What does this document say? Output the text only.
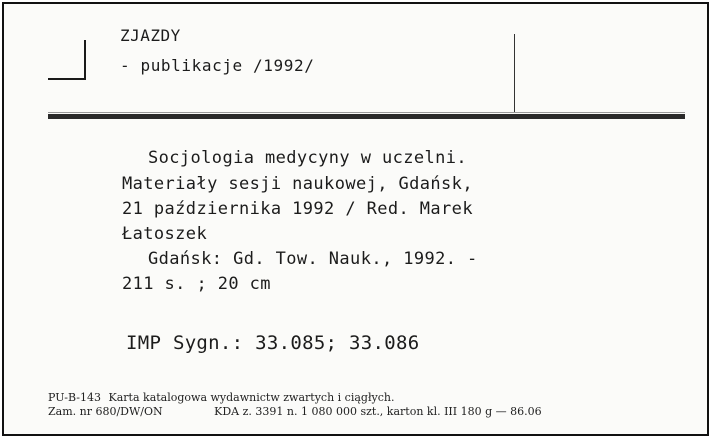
ZJAZDY
- publikacje /1992/
Socjologia medycyny w uczelni.
Materiały sesji naukowej, Gdańsk,
21 października 1992 / Red. Marek
Łatoszek
Gdańsk: Gd. Tow. Nauk., 1992. -
211 s. ; 20 cm
IMP Sygn.: 33.085; 33.086
PU-B-143 Karta katalogowa wydawnictw zwartych i ciągłych.
Zam. nr 680/DW/ON	KDA z. 3391 n. 1 080 000 szt., karton kl. III 180 g — 86.06
